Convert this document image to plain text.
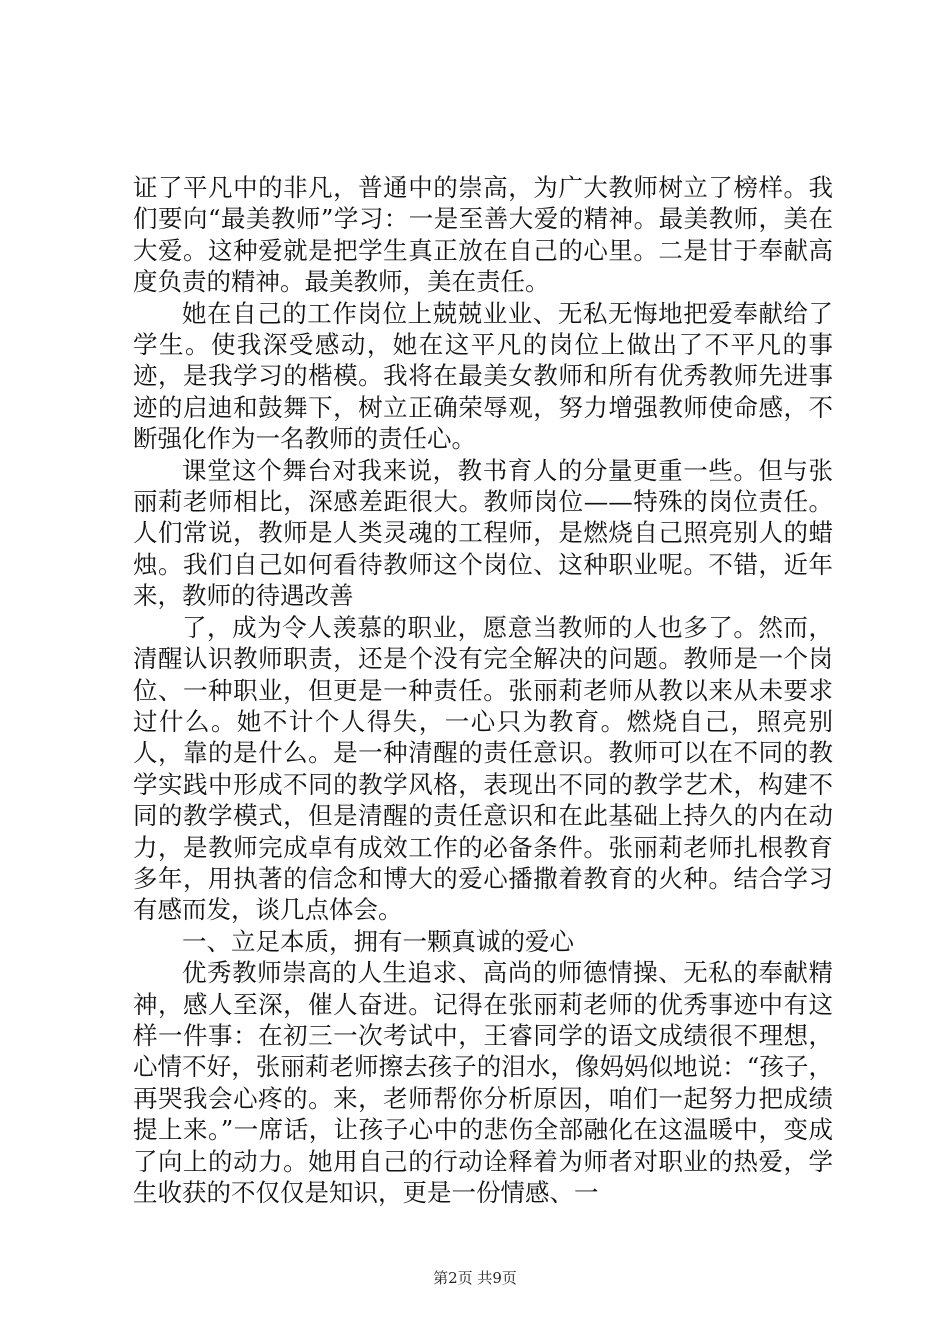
证了平凡中的非凡，普通中的崇高，为广大教师树立了榜样。我们要向“最美教师”学习：一是至善大爱的精神。最美教师，美在大爱。这种爱就是把学生真正放在自己的心里。二是甘于奉献高度负责的精神。最美教师，美在责任。

她在自己的工作岗位上兢兢业业、无私无悔地把爱奉献给了学生。使我深受感动，她在这平凡的岗位上做出了不平凡的事迹，是我学习的楷模。我将在最美女教师和所有优秀教师先进事迹的启迪和鼓舞下，树立正确荣辱观，努力增强教师使命感，不断强化作为一名教师的责任心。

课堂这个舞台对我来说，教书育人的分量更重一些。但与张丽莉老师相比，深感差距很大。教师岗位——特殊的岗位责任。人们常说，教师是人类灵魂的工程师，是燃烧自己照亮别人的蜡烛。我们自己如何看待教师这个岗位、这种职业呢。不错，近年来，教师的待遇改善

了，成为令人羡慕的职业，愿意当教师的人也多了。然而，清醒认识教师职责，还是个没有完全解决的问题。教师是一个岗位、一种职业，但更是一种责任。张丽莉老师从教以来从未要求过什么。她不计个人得失，一心只为教育。燃烧自己，照亮别人，靠的是什么。是一种清醒的责任意识。教师可以在不同的教学实践中形成不同的教学风格，表现出不同的教学艺术，构建不同的教学模式，但是清醒的责任意识和在此基础上持久的内在动力，是教师完成卓有成效工作的必备条件。张丽莉老师扎根教育多年，用执著的信念和博大的爱心播撒着教育的火种。结合学习有感而发，谈几点体会。

一、立足本质，拥有一颗真诚的爱心

优秀教师崇高的人生追求、高尚的师德情操、无私的奉献精神，感人至深，催人奋进。记得在张丽莉老师的优秀事迹中有这样一件事：在初三一次考试中，王睿同学的语文成绩很不理想，心情不好，张丽莉老师擦去孩子的泪水，像妈妈似地说：“孩子，再哭我会心疼的。来，老师帮你分析原因，咱们一起努力把成绩提上来。”一席话，让孩子心中的悲伤全部融化在这温暖中，变成了向上的动力。她用自己的行动诠释着为师者对职业的热爱，学生收获的不仅仅是知识，更是一份情感、一

第2页 共9页
